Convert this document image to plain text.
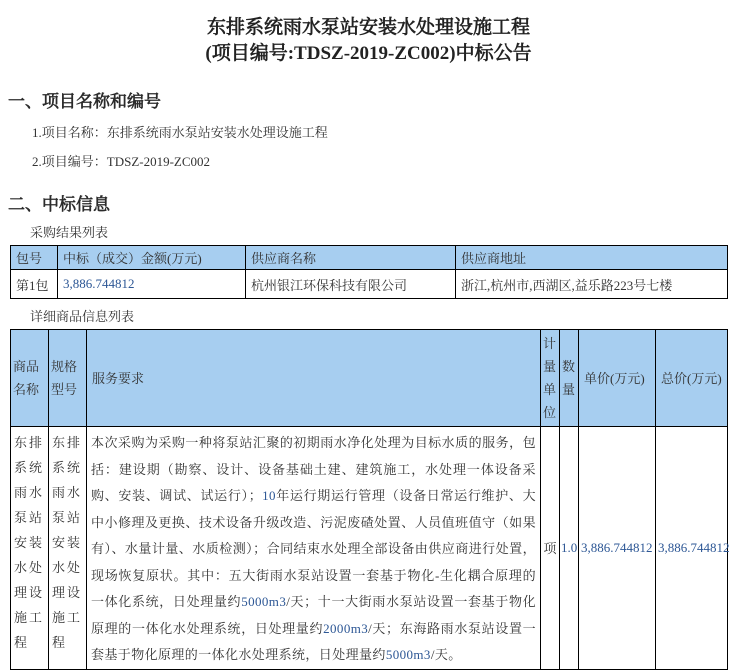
东排系统雨水泵站安装水处理设施工程
(项目编号:TDSZ-2019-ZC002)中标公告
一、项目名称和编号
1.项目名称：东排系统雨水泵站安装水处理设施工程
2.项目编号：TDSZ-2019-ZC002
二、中标信息
采购结果列表
包号	中标（成交）金额(万元)	供应商名称	供应商地址
第1包	3,886.744812	杭州银江环保科技有限公司	浙江,杭州市,西湖区,益乐路223号七楼
详细商品信息列表
商品名称	规格型号	服务要求	计量单位	数量	单价(万元)	总价(万元)
东排系统雨水泵站安装水处理设施工程	东排系统雨水泵站安装水处理设施工程	本次采购为采购一种将泵站汇聚的初期雨水净化处理为目标水质的服务，包括：建设期（勘察、设计、设备基础土建、建筑施工，水处理一体设备采购、安装、调试、试运行）；10年运行期运行管理（设备日常运行维护、大中小修理及更换、技术设备升级改造、污泥废碴处置、人员值班值守（如果有）、水量计量、水质检测）；合同结束水处理全部设备由供应商进行处置，现场恢复原状。其中：五大街雨水泵站设置一套基于物化-生化耦合原理的一体化系统，日处理量约5000m3/天；十一大街雨水泵站设置一套基于物化原理的一体化水处理系统，日处理量约2000m3/天；东海路雨水泵站设置一套基于物化原理的一体化水处理系统，日处理量约5000m3/天。	项	1.0	3,886.744812	3,886.744812
